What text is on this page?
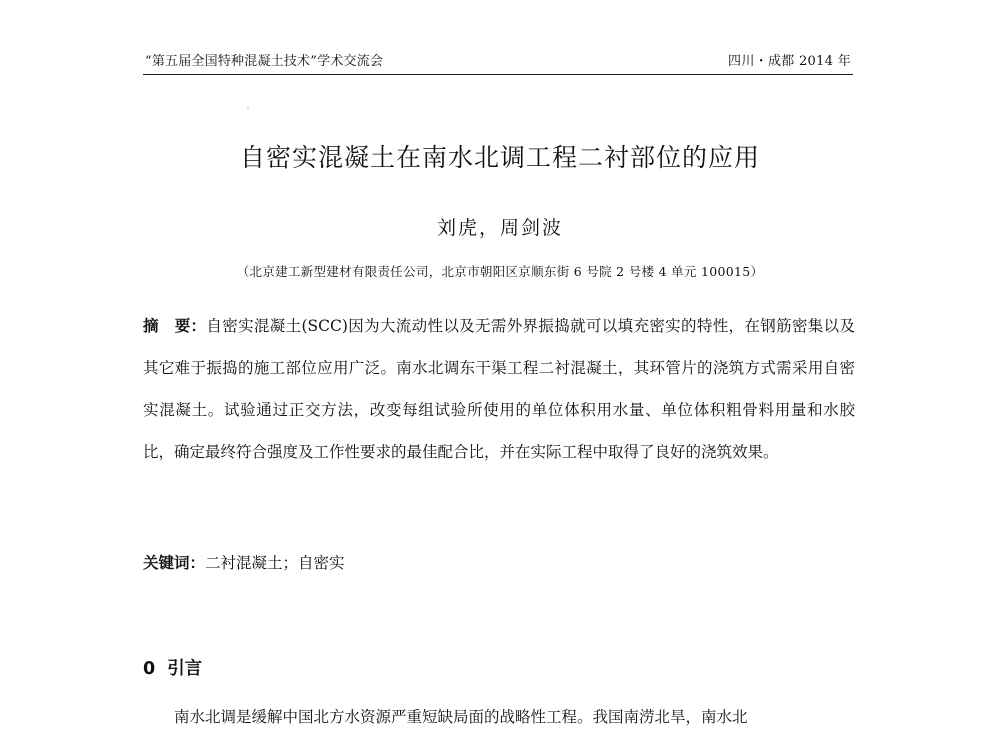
“第五届全国特种混凝土技术”学术交流会	四川・成都 2014 年
自密实混凝土在南水北调工程二衬部位的应用
刘虎，周剑波
（北京建工新型建材有限责任公司，北京市朝阳区京顺东街 6 号院 2 号楼 4 单元 100015）

摘　要：自密实混凝土(SCC)因为大流动性以及无需外界振捣就可以填充密实的特性，在钢筋密集以及其它难于振捣的施工部位应用广泛。南水北调东干渠工程二衬混凝土，其环管片的浇筑方式需采用自密实混凝土。试验通过正交方法，改变每组试验所使用的单位体积用水量、单位体积粗骨料用量和水胶比，确定最终符合强度及工作性要求的最佳配合比，并在实际工程中取得了良好的浇筑效果。

关键词：二衬混凝土；自密实

0 引言

南水北调是缓解中国北方水资源严重短缺局面的战略性工程。我国南涝北旱，南水北
